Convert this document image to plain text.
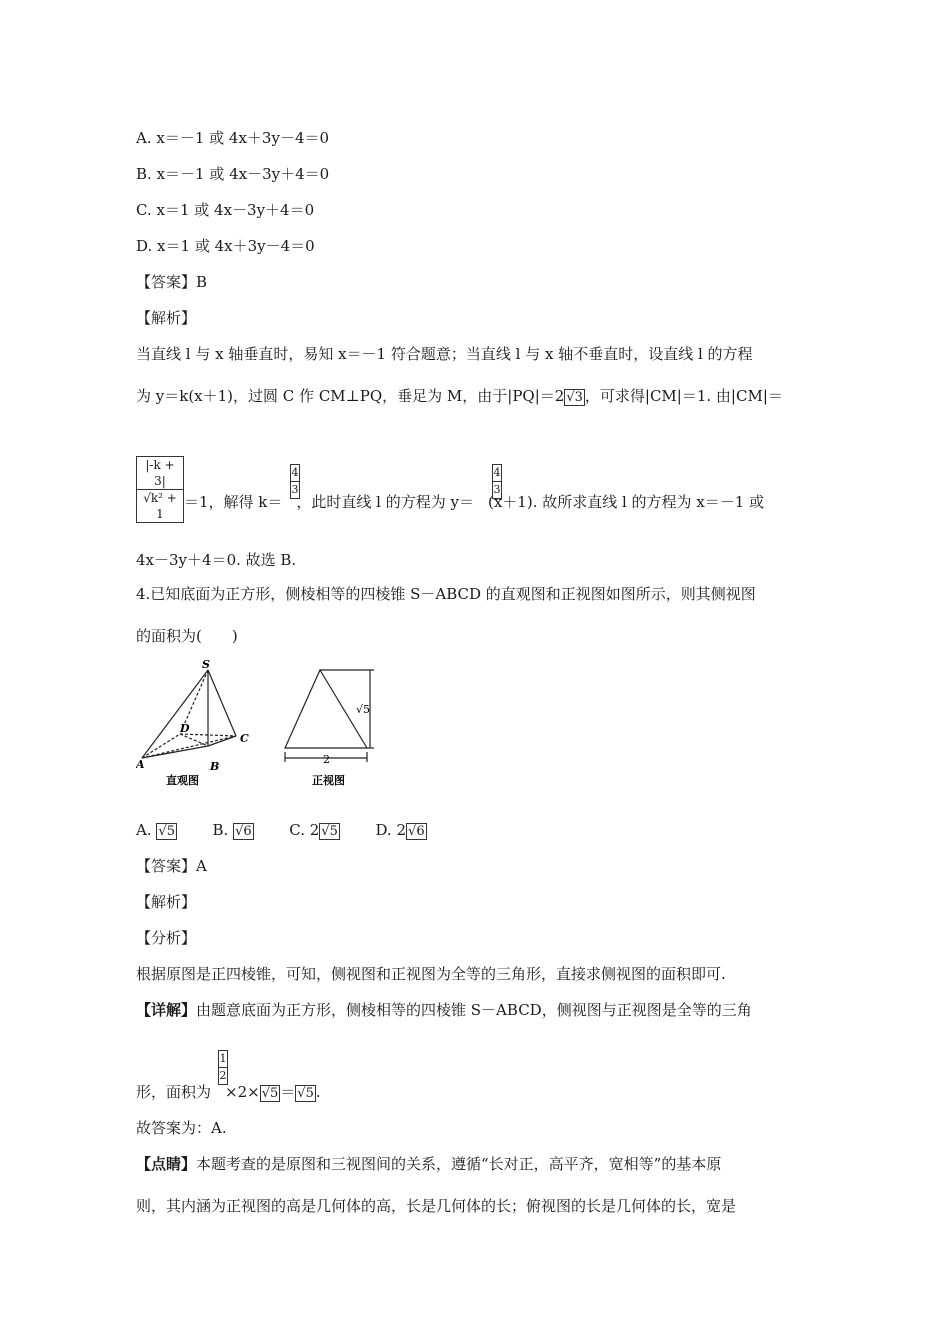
A. x＝－1 或 4x＋3y－4＝0
B. x＝－1 或 4x－3y＋4＝0
C. x＝1 或 4x－3y＋4＝0
D. x＝1 或 4x＋3y－4＝0
【答案】B
【解析】
当直线 l 与 x 轴垂直时，易知 x＝－1 符合题意；当直线 l 与 x 轴不垂直时，设直线 l 的方程
为 y＝k(x＋1)，过圆 C 作 CM⊥PQ，垂足为 M，由于|PQ|＝2 √ 3 ，可求得|CM|＝1. 由|CM|＝
|-k + 3|
√ k² + 1 ＝1，解得 k＝ ，此时直线 l 的方程为 y＝ (x＋1). 故所求直线 l 的方程为 x＝－1 或
4
3
4
3
4x－3y＋4＝0. 故选 B.
4.已知底面为正方形，侧棱相等的四棱锥 S－ABCD 的直观图和正视图如图所示，则其侧视图
的面积为(　　)
S
A	B
C
D
直观图
2
√5
正视图
A. √ 5	B. √ 6	C. 2 √ 5	D. 2 √ 6
【答案】A
【解析】
【分析】
根据原图是正四棱锥，可知，侧视图和正视图为全等的三角形，直接求侧视图的面积即可.
【详解】由题意底面为正方形，侧棱相等的四棱锥 S－ABCD，侧视图与正视图是全等的三角
1
2
形，面积为 ×2× √ 5 ＝ √ 5 .
故答案为：A.
【点睛】本题考查的是原图和三视图间的关系，遵循“长对正，高平齐，宽相等”的基本原
则，其内涵为正视图的高是几何体的高，长是几何体的长；俯视图的长是几何体的长，宽是
